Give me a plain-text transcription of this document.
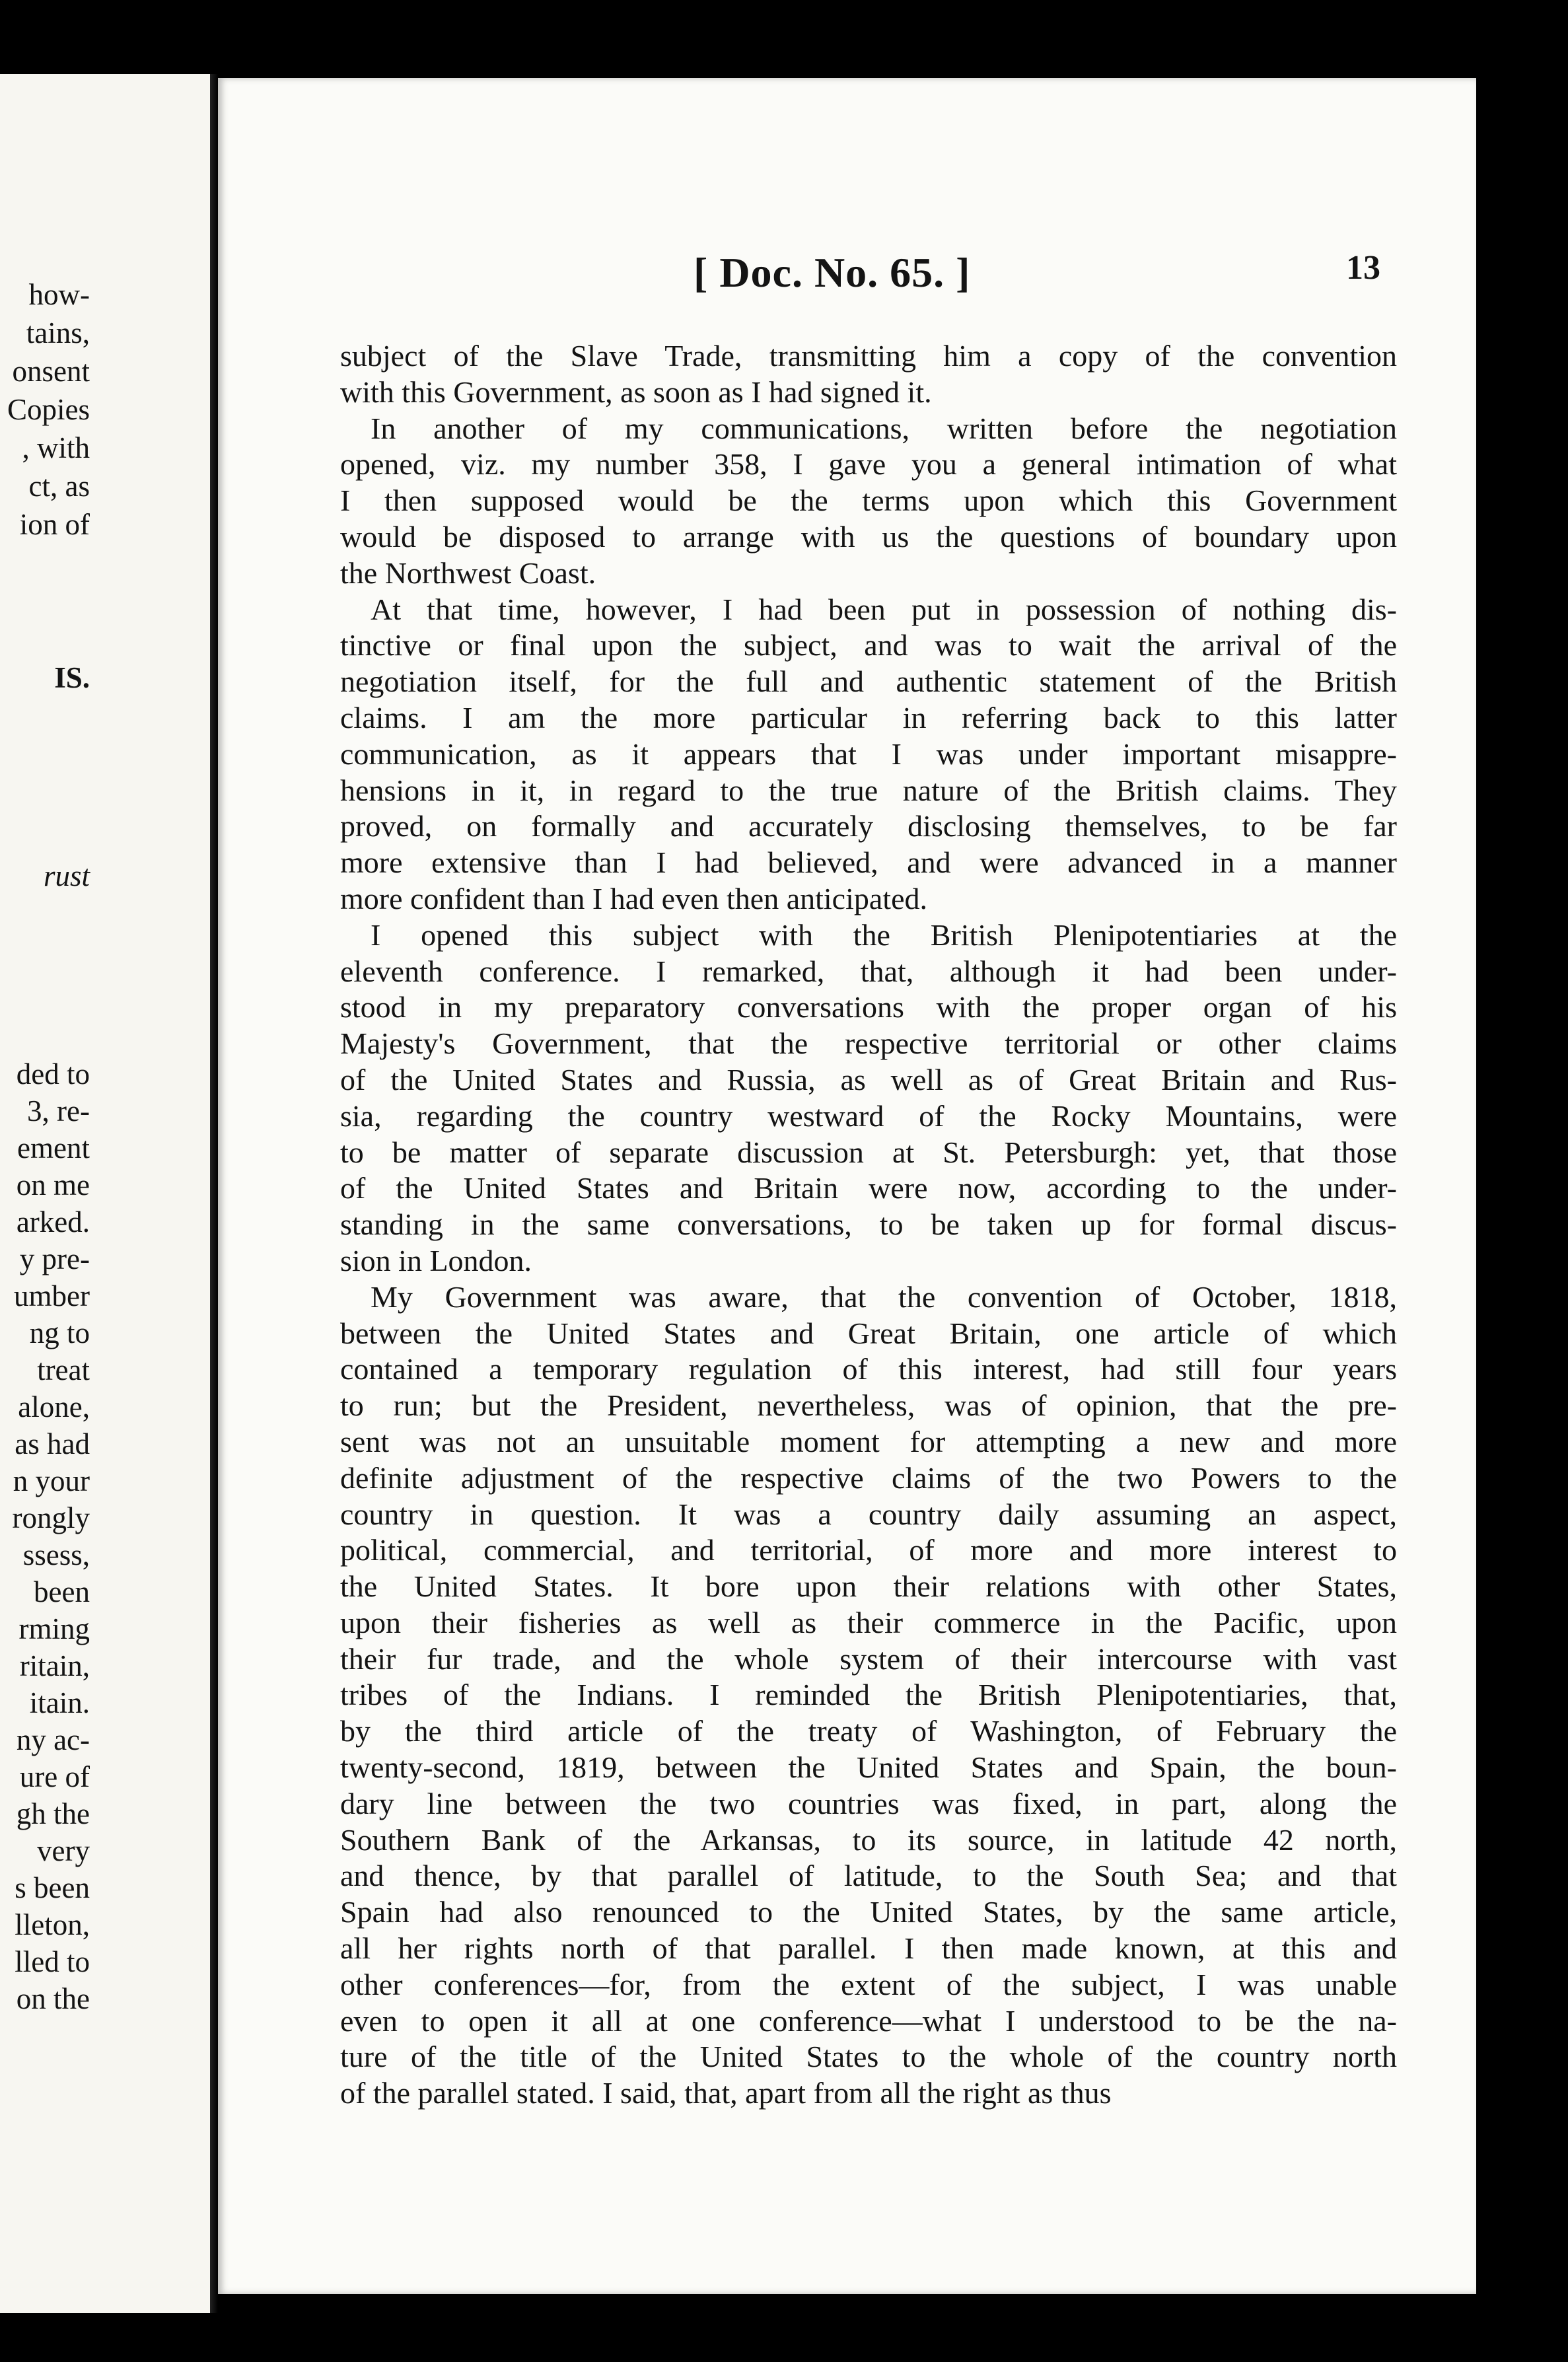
how-
tains,
onsent
Copies
, with
ct, as
ion of
IS.
rust
ded to
3, re-
ement
on me
arked.
y pre-
umber
ng to
treat
alone,
as had
n your
rongly
ssess,
been
rming
ritain,
itain.
ny ac-
ure of
gh the
very
s been
lleton,
lled to
on the
[ Doc. No. 65. ]	13
subject of the Slave Trade, transmitting him a copy of the convention
with this Government, as soon as I had signed it.
In another of my communications, written before the negotiation
opened, viz. my number 358, I gave you a general intimation of what
I then supposed would be the terms upon which this Government
would be disposed to arrange with us the questions of boundary upon
the Northwest Coast.
At that time, however, I had been put in possession of nothing dis-
tinctive or final upon the subject, and was to wait the arrival of the
negotiation itself, for the full and authentic statement of the British
claims. I am the more particular in referring back to this latter
communication, as it appears that I was under important misappre-
hensions in it, in regard to the true nature of the British claims. They
proved, on formally and accurately disclosing themselves, to be far
more extensive than I had believed, and were advanced in a manner
more confident than I had even then anticipated.
I opened this subject with the British Plenipotentiaries at the
eleventh conference. I remarked, that, although it had been under-
stood in my preparatory conversations with the proper organ of his
Majesty's Government, that the respective territorial or other claims
of the United States and Russia, as well as of Great Britain and Rus-
sia, regarding the country westward of the Rocky Mountains, were
to be matter of separate discussion at St. Petersburgh: yet, that those
of the United States and Britain were now, according to the under-
standing in the same conversations, to be taken up for formal discus-
sion in London.
My Government was aware, that the convention of October, 1818,
between the United States and Great Britain, one article of which
contained a temporary regulation of this interest, had still four years
to run; but the President, nevertheless, was of opinion, that the pre-
sent was not an unsuitable moment for attempting a new and more
definite adjustment of the respective claims of the two Powers to the
country in question. It was a country daily assuming an aspect,
political, commercial, and territorial, of more and more interest to
the United States. It bore upon their relations with other States,
upon their fisheries as well as their commerce in the Pacific, upon
their fur trade, and the whole system of their intercourse with vast
tribes of the Indians. I reminded the British Plenipotentiaries, that,
by the third article of the treaty of Washington, of February the
twenty-second, 1819, between the United States and Spain, the boun-
dary line between the two countries was fixed, in part, along the
Southern Bank of the Arkansas, to its source, in latitude 42 north,
and thence, by that parallel of latitude, to the South Sea; and that
Spain had also renounced to the United States, by the same article,
all her rights north of that parallel. I then made known, at this and
other conferences—for, from the extent of the subject, I was unable
even to open it all at one conference—what I understood to be the na-
ture of the title of the United States to the whole of the country north
of the parallel stated. I said, that, apart from all the right as thus
